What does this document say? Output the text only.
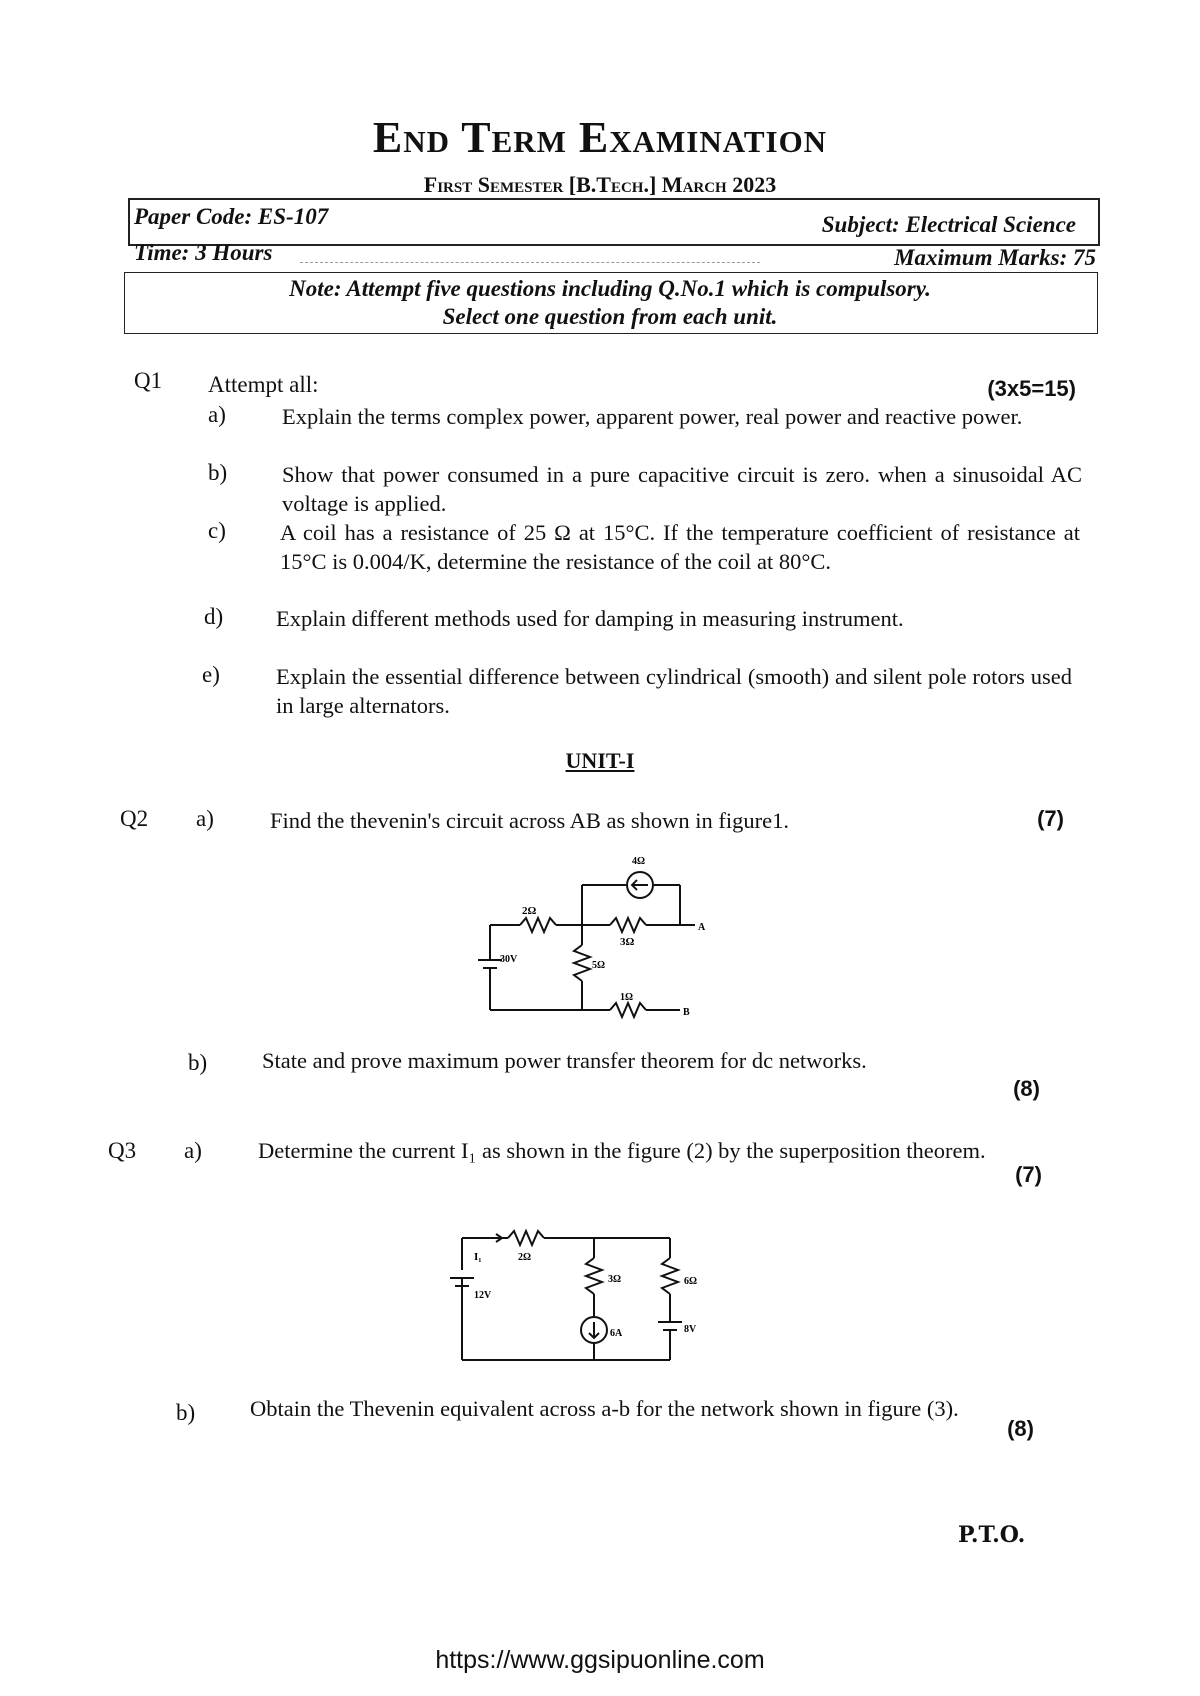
End Term Examination
First Semester [B.Tech.] March 2023
Paper Code: ES-107	Subject: Electrical Science
Time: 3 Hours	Maximum Marks: 75
Note: Attempt five questions including Q.No.1 which is compulsory.
Select one question from each unit.
Q1 Attempt all:	(3x5=15)
a) Explain the terms complex power, apparent power, real power and reactive power.
b) Show that power consumed in a pure capacitive circuit is zero. when a sinusoidal AC voltage is applied.
c) A coil has a resistance of 25 Ω at 15°C. If the temperature coefficient of resistance at 15°C is 0.004/K, determine the resistance of the coil at 80°C.
d) Explain different methods used for damping in measuring instrument.
e) Explain the essential difference between cylindrical (smooth) and silent pole rotors used in large alternators.
UNIT-I
Q2 a) Find the thevenin's circuit across AB as shown in figure1.	(7)
4Ω
2Ω
3Ω
5Ω
1Ω
30V
A
B
b) State and prove maximum power transfer theorem for dc networks.
(8)
Q3 a) Determine the current I₁ as shown in the figure (2) by the superposition theorem.
(7)
I₁	2Ω
12V
3Ω
6A
6Ω
8V
b) Obtain the Thevenin equivalent across a-b for the network shown in figure (3).
(8)
P.T.O.
https://www.ggsipuonline.com
